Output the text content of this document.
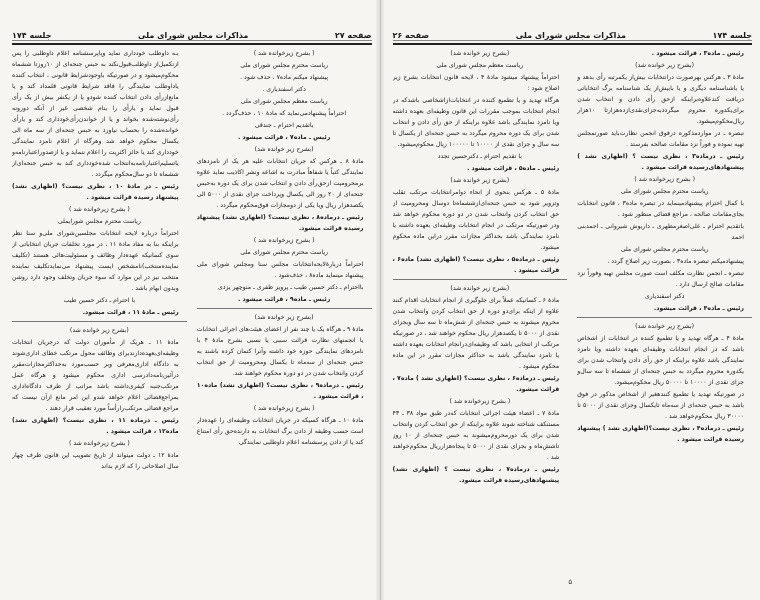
صفحه ۲۷
مذاکرات مجلس شورای ملی
جلسه ۱۷۴

( بشرح زیرخوانده شد )

ریاست محترم مجلس شورای ملی

پیشنهاد میکنم ماده‌۷ ، حذف شود .

دکتر اسفندیاری .

ریاست معظم مجلس شورای ملی

احتراماً پیشنهادمی‌نماید که مادهٔ ۱۰ ، حذف‌گردد .

باتقدیم احترام ـ جندقی

رئیس ـ ماده‌۷ ، قرائت میشود .

(بشرح زیر خوانده شد)

مادهٔ ۸ ـ هرکس که جریان انتخابات علیه هر یک از نامزدهای نمایندگی کتباً یا شفاهاً مبادرت به اشاعه ونشر اکاذیب نماید علاوه برمحرومیت ازحق‌رأی دادن و انتخاب شدن برای یک دوره به‌حبس جنحه‌ای از ۲۰ روز الی یکسال وپرداخت جزای نقدی از ۵۰۰۰ الی یکصدهزار ریال ویا یکی از دومجازات فوق‌محکوم میگردد .

رئیس ـ درماده‌۸ ، نظری نیست؟ (اظهاری نشد) پیشنهاد رسیده قرائت میشود.

( بشرح زیرخوانده شد )

ریاست محترم مجلس شورای ملی

احتراماً دربارهٔ‌لایحه‌انتخابات مجلس سنا ومجلس شورای ملی پیشنهاد مینماید ماده‌۸ ، حذف‌شود .

بااحترام ـ دکتر حسین طیب ـ پرویز ظفری ـ منوچهر یزدی

رئیس ـ ماده‌۹ ، قرائت میشود .

(بشرح زیر خوانده شد)

مادهٔ ۹ ـ هرگاه یک یا چند نفر از اعضای هیئت‌های اجرائی انتخابات یا انجمنهای نظارت قرائت سببی یا نسبی بشرح مادهٔ ۴ با نامزدهای نمایندگی حوزه خود داشته وآنرا کتمان کرده باشند به حبس جنحه‌ای از سه‌ماه تا یکسال ومحرومیت از حق انتخاب کردن وانتخاب شدن در دو دوره محکوم خواهند شد.

رئیس ـ درماده‌۹ ، نظری نیست؟ (اظهاری نشد) ماده‌۱۰ ، قرائت میشود .

( بشرح زیرخوانده شد )

مادهٔ ۱۰ ـ هرگاه کسیکه در جریان انتخابات وظیفه‌ای را عهده‌دار است حسب وظیفه از دادن برگ انتخابات به دارنده‌حق رأی امتناع کند یا از دادن پرسشنامه اعلام داوطلبی نمایندگی

بـه داوطلب خودداری نماید وپاپرسشنامه اعلام داوطلبی را پس ازتکمیل‌از داوطلب‌قبول‌نکند به حبس جنحه‌ای از ۱۰روزتا ششماه محکوم‌میشود و در صورتیکه باوجودشرایط قانونی ، انتخاب کننده یاداوطلب نمایندگی را فاقد شرایط قانونی قلمداد کند و یا مانع‌ازرأی دادن انتخاب کننده شودو یا از یکنفر بیش از یک رأی قبول نماید و یارأی را بنام شخصی غیر از آنکه دورونه رأی‌نوشته‌شده بخواند و یا از خواندن‌رأی‌خودداری کند و یارأی خوانده‌شده را بحساب نیاورد به حبس جنحه‌ای از سه ماه الی یکسال محکوم خواهد شد وهرگاه از اعلام نامزد نمایندگی خودداری کند یا حائز اکثریت را اعلام ننماید و یا ازصدوراعتبارنامه‌و یاتسلیم‌اعتبارنامه‌به‌انتخاب شده‌خودداری کند به حبس جنحه‌ای‌از ششماه تا دو سال‌محکوم میگردد .

رئیس ـ در مادهٔ ۱۰ ، نظری نیست؟ (اظهاری نشد) پیشنهاد رسیده قرائت میشود .

( بشرح زیرخوانده شد )

ریاست محترم مجلس شورایملی

احتراماً درباره لایحه انتخابات مجلسین‌شورای ملی‌و سنا نظر براینکه بنا به مفاد مادهٔ ۱۱ ، در مورد تخلفات جریان انتخاباتی از سوی کسانیکه عهده‌دار وظائف و مسئولیت‌هائی هستند (تکلیف نماینده‌منتخب)نامشخص ایست پیشنهاد می‌نمایدتکلیف نماینده منتخب نیز در این موارد که سوء جریان وتخلف وجود دارد روشن وبدون ابهام باشد .

با احترام ـ دکتر حسین طیب

رئیس ـ مادهٔ ۱۱ ، قرائت میشود.

(بشرح زیر خوانده شد)

مادهٔ ۱۱ ـ هریک از مأموران دولت که درجریان انتخابات وظیفه‌ای‌بعهده‌دارندبرای وظائف محول مرتکب خطای اداری‌شوند به دادگاه اداری‌معرفی وبر حسب‌مورد به‌حداکثرمجازات‌مقرر درآئین‌نامه‌دادرسی اداری محکوم میشود و هرگاه عمل مرتکب‌جنبه کیفری‌داشته باشد مراتب از طرف دادگاه‌اداری بمراجع‌قضائی اعلام خواهد شدو این امر مانع ازآن نیست که مراجع قضائی مرتکب‌رارأساً مورد تعقیب قرار دهند .

رئیس ـ درماده ۱۱ ، نظری نیست؟ (اظهاری نشد) ماده‌۱۲ ، قرائت میشود .

( بشرح زیرخوانده شد )

مادهٔ ۱۲ ـ دولت میتواند از تاریخ تصویب این قانون ظرف چهار سال اصلاحاتی را که لازم بداند

جلسه ۱۷۴
مذاکرات مجلس شورای ملی
صفحه ۲۶

رئیس ـ ماده‌۳ ، قرائت میشود .

(بشرح زیر خوانده شد)

مادهٔ ۳ ـ هرکس بهرصورت درانتخابات بیش‌از یکمرتبه رأی بدهد و یا باشناسنامه دیگری و یا بابیش‌از یک شناسنامه برگ انتخاباتی دریافت کندعلاوه‌براینکه ازحق رأی دادن و انتخاب شدن برای‌یکدوره محروم میگرددبه‌جزای‌نقدی‌ازده‌هزارتا ۱۰هزار ریال‌محکوم‌میشود.

تبصره ـ در مواردمذکوره درفوق انجمن نظارت‌باید صورتمجلس تهیه نموده و فوراً نزد مقامات صالحه بفرستد .

رئیس ـ درماده‌۳ ، نظری نیست ؟ (اظهاری نشد ) پیشنهادهای‌رسیده قرائت میشود .

( بشرح زیرخوانده شد )

ریاست محترم مجلس شورای ملی

با کمال احترام پیشنهادمینماید در تبصره ماده‌۳ ، قانون انتخابات بجای‌مقامات صالحه ، مراجع قضائی منظور شود .

باتقدیم احترام ـ علی‌اصغرمطهری ـ داریوش شیروانی ـ احمدبنی احمد

ریاست محترم مجلس شورای ملی

پیشنهادمیکنم تبصره ماده‌۳ ، بصورت زیر اصلاح گردد .

تبصره ـ انجمن نظارت مکلف است صورت مجلس تهیه وفوراً نزد مقامات صالح ارسال دارد .

دکتر اسفندیاری

رئیس ـ ماده‌۴ ، قرائت میشود.

(بشرح زیر خوانده شد)

مادهٔ ۴ ـ هرگاه تهدید و یا تطمیع کننده در انتخابات از اشخاص باشد که در انجام انتخابات وظیفه‌ای بعهده داشته ویا نامزد نمایندگی باشد علاوه براینکه از حق رأی دادن وانتخاب شدن برای یکدوره محروم میگردد به حبس جنحه‌ای از ششماه تا سه سال‌و جزای نقدی از ۱۰۰۰۰ تا ۵۰۰۰۰ ریال محکوم‌میشود.

در صورتیکه تهدید یا تطمیع کنندهغیر از اشخاص مذکور در فوق باشد به حبس جنحه‌ای از سه‌ماه تایکسال وجزای نقدی از ۵۰۰۰ تا ۳۰۰۰۰ ریال محکوم‌خواهد شد .

رئیس ـ درماده‌۴ ، نظری نیست؟(اظهاری نشد ) پیشنهاد رسیده قرائت میشود .

(بشرح زیر خوانده شد)

ریاست معظم مجلس شورای ملی

احتراماً پیشنهاد میشود مادهٔ ۴ ، لایحه قانون انتخابات بشرح زیر اصلاح شود :

هرگاه تهدید و یا تطمیع کننده در انتخابات‌ازاشخاصی باشدکه در انجام انتخابات بموجب مقررات این قانون وظیفه‌ای بعهده داشته ویا نامزد نمایندگی باشد علاوه براینکه از حق رأی دادن و انتخاب شدن برای یک دوره محروم میگردد به حبس جنحه‌ای از یکسال تا سه سال و جزای نقدی از ۱۰۰۰۰ تا ۱۰۰۰۰۰ ریال محکوم‌میشود.

با تقدیم احترام ـ دکترحسین تجدد

رئیس ـ ماده‌۵ ، قرائت میشود .

(بشرح زیر خوانده شد)

مادهٔ ۵ ـ هرکس بنحوی از انحاء دوامرانتخابات مرتکب تقلب وتزویر شود به حبس جنحه‌ای‌ازششماه‌تا دوسال ومحرومیت از حق انتخاب کردن وانتخاب شدن در دو دوره محکوم خواهد شد ودر صورتیکه مرتکب در انجام انتخابات وظیفه‌ای بعهده داشته یا نامزد نمایندگی باشد بحداکثر مجازات مقرر دراین ماده محکوم میشود.

رئیس ـ درماده‌۵ ، نظری نیست؟ (اظهاری نشد) ماده‌۶ ، قرائت میشود .

(بشرح زیر خوانده شد)

مادهٔ ۶ ـ کسانیکه عملاً برای جلوگیری از انجام انتخابات اقدام کنند علاوه از اینکه برای‌دو دوره از حق انتخاب کردن وانتخاب شدن محروم میشوند به حبس جنحه‌ای از شش‌ماه تا سه سال وبجزای نقدی از ۵۰۰۰ تا یکصدهزار ریال محکوم خواهند شد ، در صورتیکه مرتکب از انتخابی باشد که وظیفه‌ای‌درانجام انتخابات بعهده داشته یا نامزد نمایندگی باشد به حداکثر مجازات مقرر در این ماده محکوم میشود .

رئیس ـ درماده‌۶ ، نظری نیست؟ (اظهاری نشد ) ماده‌۷ ، قرائت میشود.

( بشرح زیرخوانده شد )

مادهٔ ۷ ـ اعضاء هیئت اجرائی انتخابات که‌در طبق مواد ۳۸ ـ ۴۳ مستنکف شناخته شوند علاوه براینکه از حق انتخاب کردن وانتخاب شدن برای یک دورمحروم‌میشوند به حبس جنحه‌ای از ۱۰ روز تاشش‌ماه و بجزای نقدی از ۵۰۰۰ تا پنجاه‌هزارریال محکوم‌خواهند شد .

رئیس ـ درماده‌۷ ، نظری نیست ؟ (اظهاری نشد) پیشنهادهای‌رسیده قرائت میشود.

۵
